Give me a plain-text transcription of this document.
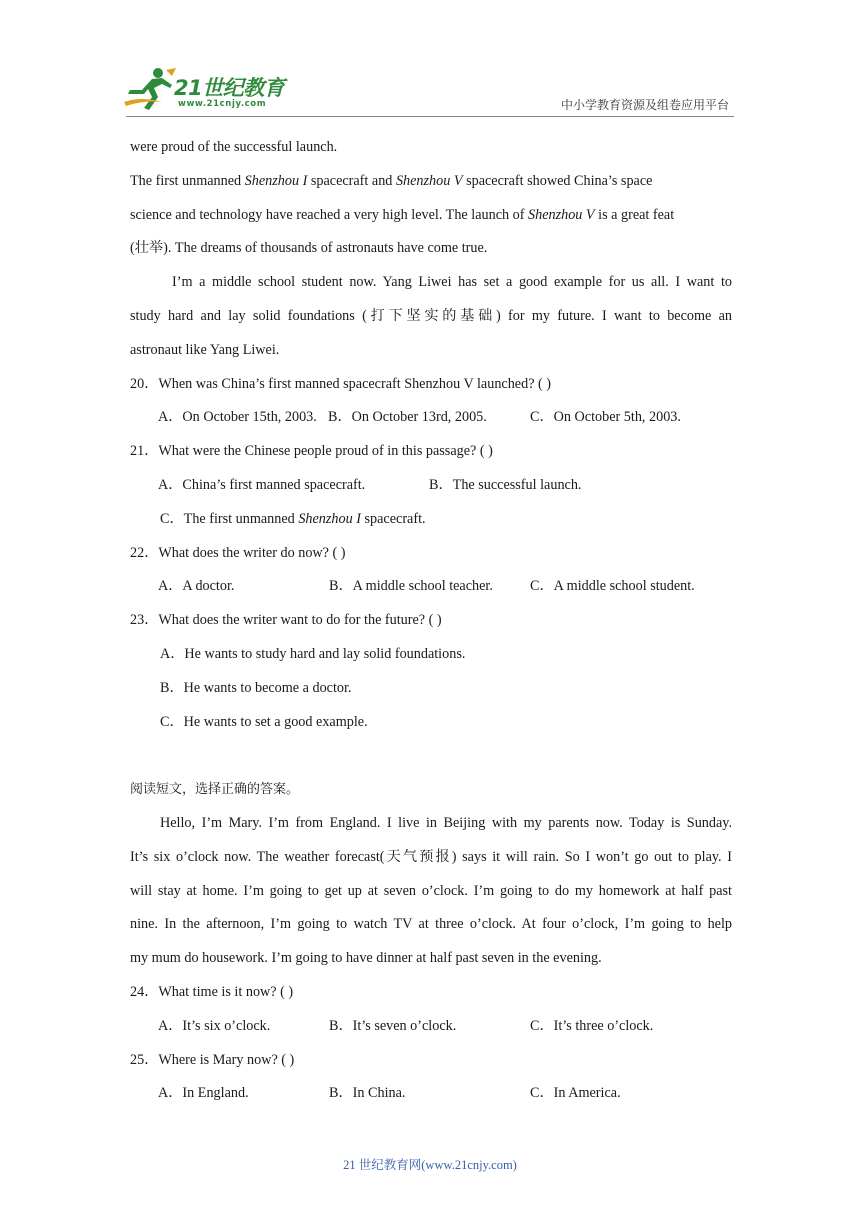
21世纪教育
www.21cnjy.com	中小学教育资源及组卷应用平台
were proud of the successful launch.
The first unmanned Shenzhou I spacecraft and Shenzhou V spacecraft showed China’s space
science and technology have reached a very high level. The launch of Shenzhou V is a great feat
(壮举). The dreams of thousands of astronauts have come true.
I’m a middle school student now. Yang Liwei has set a good example for us all. I want to
study hard and lay solid foundations (打下坚实的基础) for my future. I want to become an
astronaut like Yang Liwei.
20．When was China’s first manned spacecraft Shenzhou V launched? ( )
A．On October 15th, 2003. B．On October 13rd, 2005.	C．On October 5th, 2003.
21．What were the Chinese people proud of in this passage? ( )
A．China’s first manned spacecraft.	B．The successful launch.
C．The first unmanned Shenzhou I spacecraft.
22．What does the writer do now? ( )
A．A doctor.	B．A middle school teacher.	C．A middle school student.
23．What does the writer want to do for the future? ( )
A．He wants to study hard and lay solid foundations.
B．He wants to become a doctor.
C．He wants to set a good example.
阅读短文，选择正确的答案。
Hello, I’m Mary. I’m from England. I live in Beijing with my parents now. Today is Sunday.
It’s six o’clock now. The weather forecast(天气预报) says it will rain. So I won’t go out to play. I
will stay at home. I’m going to get up at seven o’clock. I’m going to do my homework at half past
nine. In the afternoon, I’m going to watch TV at three o’clock. At four o’clock, I’m going to help
my mum do housework. I’m going to have dinner at half past seven in the evening.
24．What time is it now? ( )
A．It’s six o’clock.	B．It’s seven o’clock.	C．It’s three o’clock.
25．Where is Mary now? ( )
A．In England.	B．In China.	C．In America.
21 世纪教育网(www.21cnjy.com)
